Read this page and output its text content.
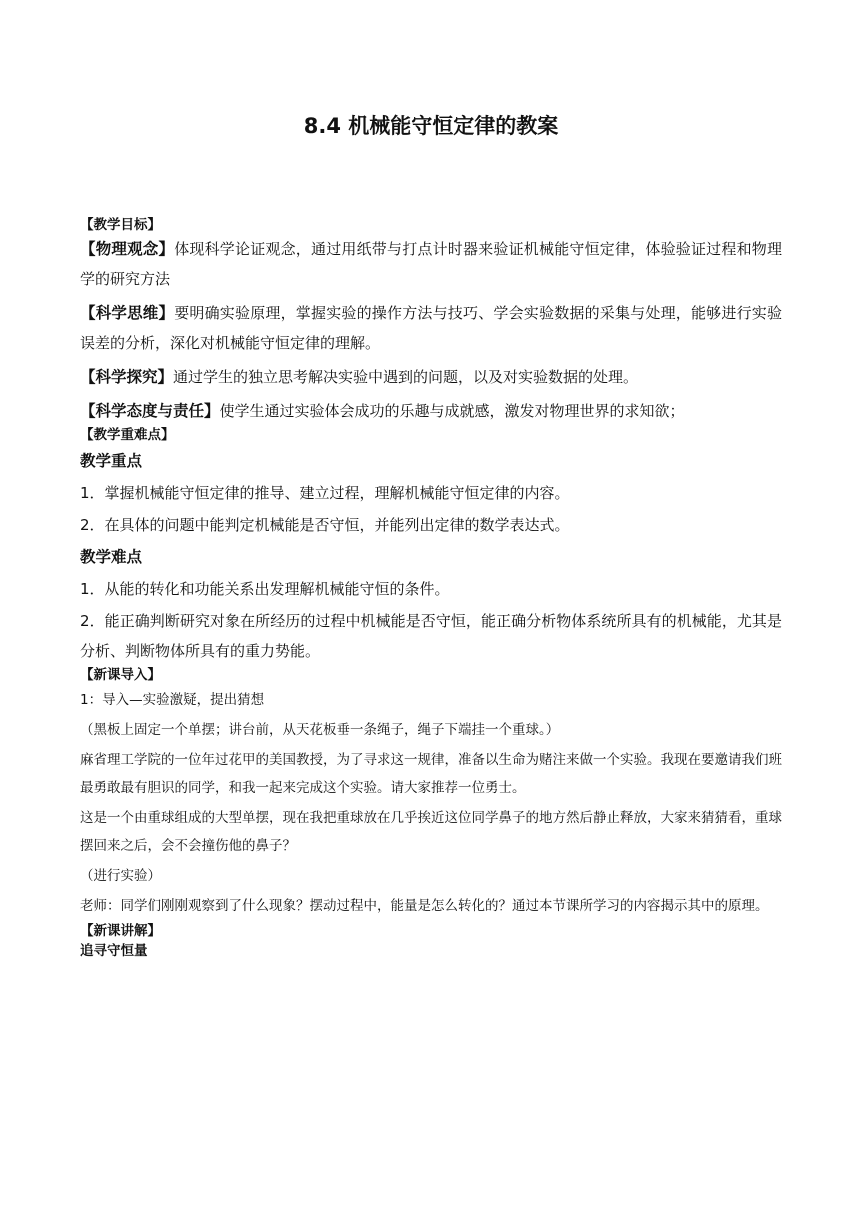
8.4 机械能守恒定律的教案

【教学目标】

【物理观念】体现科学论证观念，通过用纸带与打点计时器来验证机械能守恒定律，体验验证过程和物理学的研究方法

【科学思维】要明确实验原理，掌握实验的操作方法与技巧、学会实验数据的采集与处理，能够进行实验误差的分析，深化对机械能守恒定律的理解。

【科学探究】通过学生的独立思考解决实验中遇到的问题，以及对实验数据的处理。

【科学态度与责任】使学生通过实验体会成功的乐趣与成就感，激发对物理世界的求知欲；

【教学重难点】

教学重点

1．掌握机械能守恒定律的推导、建立过程，理解机械能守恒定律的内容。

2．在具体的问题中能判定机械能是否守恒，并能列出定律的数学表达式。

教学难点

1．从能的转化和功能关系出发理解机械能守恒的条件。

2．能正确判断研究对象在所经历的过程中机械能是否守恒，能正确分析物体系统所具有的机械能，尤其是分析、判断物体所具有的重力势能。

【新课导入】

1：导入—实验激疑，提出猜想

（黑板上固定一个单摆；讲台前，从天花板垂一条绳子，绳子下端挂一个重球。）

麻省理工学院的一位年过花甲的美国教授，为了寻求这一规律，准备以生命为赌注来做一个实验。我现在要邀请我们班最勇敢最有胆识的同学，和我一起来完成这个实验。请大家推荐一位勇士。

这是一个由重球组成的大型单摆，现在我把重球放在几乎挨近这位同学鼻子的地方然后静止释放，大家来猜猜看，重球摆回来之后，会不会撞伤他的鼻子？

（进行实验）

老师：同学们刚刚观察到了什么现象？摆动过程中，能量是怎么转化的？通过本节课所学习的内容揭示其中的原理。

【新课讲解】

追寻守恒量
